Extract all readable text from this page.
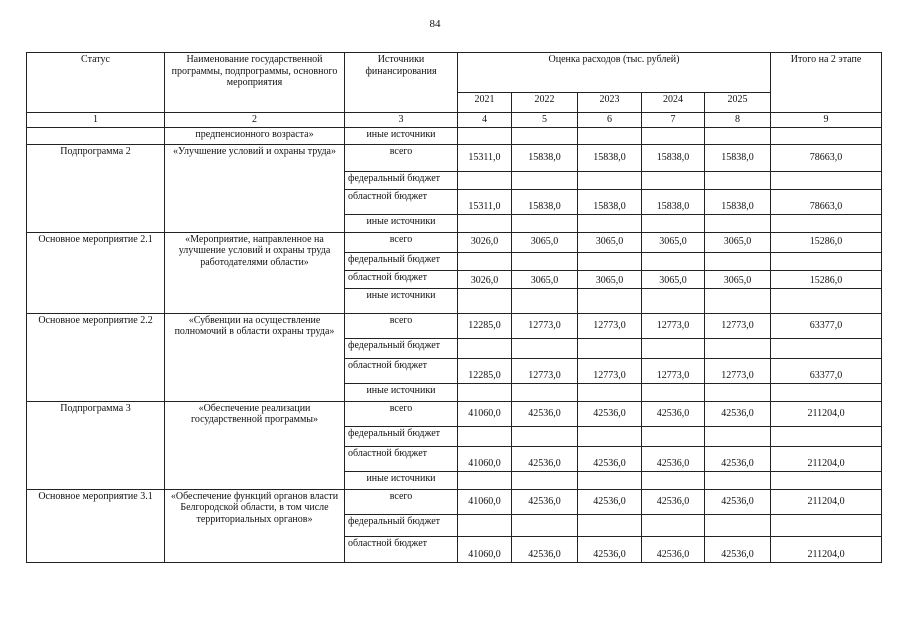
84
Статус	Наименование государственной программы, подпрограммы, основного мероприятия	Источники финансирования	Оценка расходов (тыс. рублей)					Итого на 2 этапе
			2021	2022	2023	2024	2025	
1	2	3	4	5	6	7	8	9
	предпенсионного возраста»	иные источники						
Подпрограмма 2	«Улучшение условий и охраны труда»	всего	15311,0	15838,0	15838,0	15838,0	15838,0	78663,0
		федеральный бюджет						
		областной бюджет	15311,0	15838,0	15838,0	15838,0	15838,0	78663,0
		иные источники						
Основное мероприятие 2.1	«Мероприятие, направленное на улучшение условий и охраны труда работодателями области»	всего	3026,0	3065,0	3065,0	3065,0	3065,0	15286,0
		федеральный бюджет						
		областной бюджет	3026,0	3065,0	3065,0	3065,0	3065,0	15286,0
		иные источники						
Основное мероприятие 2.2	«Субвенции на осуществление полномочий в области охраны труда»	всего	12285,0	12773,0	12773,0	12773,0	12773,0	63377,0
		федеральный бюджет						
		областной бюджет	12285,0	12773,0	12773,0	12773,0	12773,0	63377,0
		иные источники						
Подпрограмма 3	«Обеспечение реализации государственной программы»	всего	41060,0	42536,0	42536,0	42536,0	42536,0	211204,0
		федеральный бюджет						
		областной бюджет	41060,0	42536,0	42536,0	42536,0	42536,0	211204,0
		иные источники						
Основное мероприятие 3.1	«Обеспечение функций органов власти Белгородской области, в том числе территориальных органов»	всего	41060,0	42536,0	42536,0	42536,0	42536,0	211204,0
		федеральный бюджет						
		областной бюджет	41060,0	42536,0	42536,0	42536,0	42536,0	211204,0
